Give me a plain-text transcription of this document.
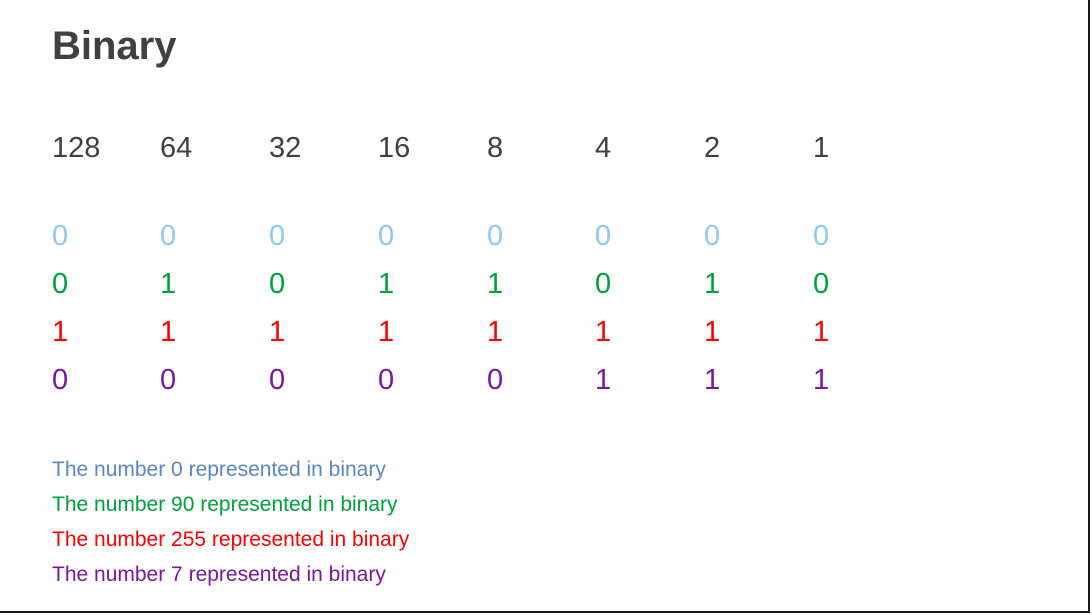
Binary
128 64	32	16	8	4	2	1
0	0	0	0	0	0	0	0
0	1	0	1	1	0	1	0
1	1	1	1	1	1	1	1
0	0	0	0	0	1	1	1
The number 0 represented in binary
The number 90 represented in binary
The number 255 represented in binary
The number 7 represented in binary
